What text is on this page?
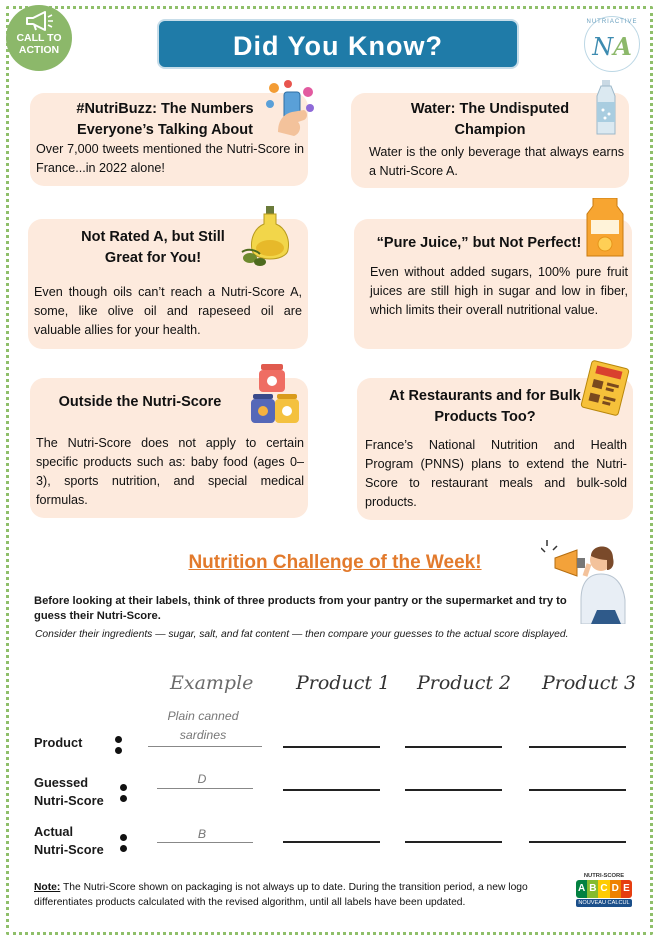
CALL TO
ACTION	Did You Know?
NUTRIACTIVE
NA
#NutriBuzz: The Numbers
Everyone’s Talking About

Over 7,000 tweets mentioned the Nutri-Score in France...in 2022 alone!

Water: The Undisputed
Champion

Water is the only beverage that always earns a Nutri-Score A.

Not Rated A, but Still
Great for You!

Even though oils can’t reach a Nutri-Score A, some, like olive oil and rapeseed oil are valuable allies for your health.

“Pure Juice,” but Not Perfect!

Even without added sugars, 100% pure fruit juices are still high in sugar and low in fiber, which limits their overall nutritional value.

Outside the Nutri-Score

The Nutri-Score does not apply to certain specific products such as: baby food (ages 0–3), sports nutrition, and special medical formulas.

At Restaurants and for Bulk
Products Too?

France’s National Nutrition and Health Program (PNNS) plans to extend the Nutri-Score to restaurant meals and bulk-sold products.

Nutrition Challenge of the Week!
Before looking at their labels, think of three products from your pantry or the supermarket and try to guess their Nutri-Score.
Consider their ingredients — sugar, salt, and fat content — then compare your guesses to the actual score displayed.
Example Product 1 Product 2 Product 3
Product
Plain canned sardines
Guessed
Nutri-Score
D
Actual
Nutri-Score
B
Note: The Nutri-Score shown on packaging is not always up to date. During the transition period, a new logo differentiates products calculated with the revised algorithm, until all labels have been updated.
NUTRI-SCORE
A B C D E
NOUVEAU CALCUL
